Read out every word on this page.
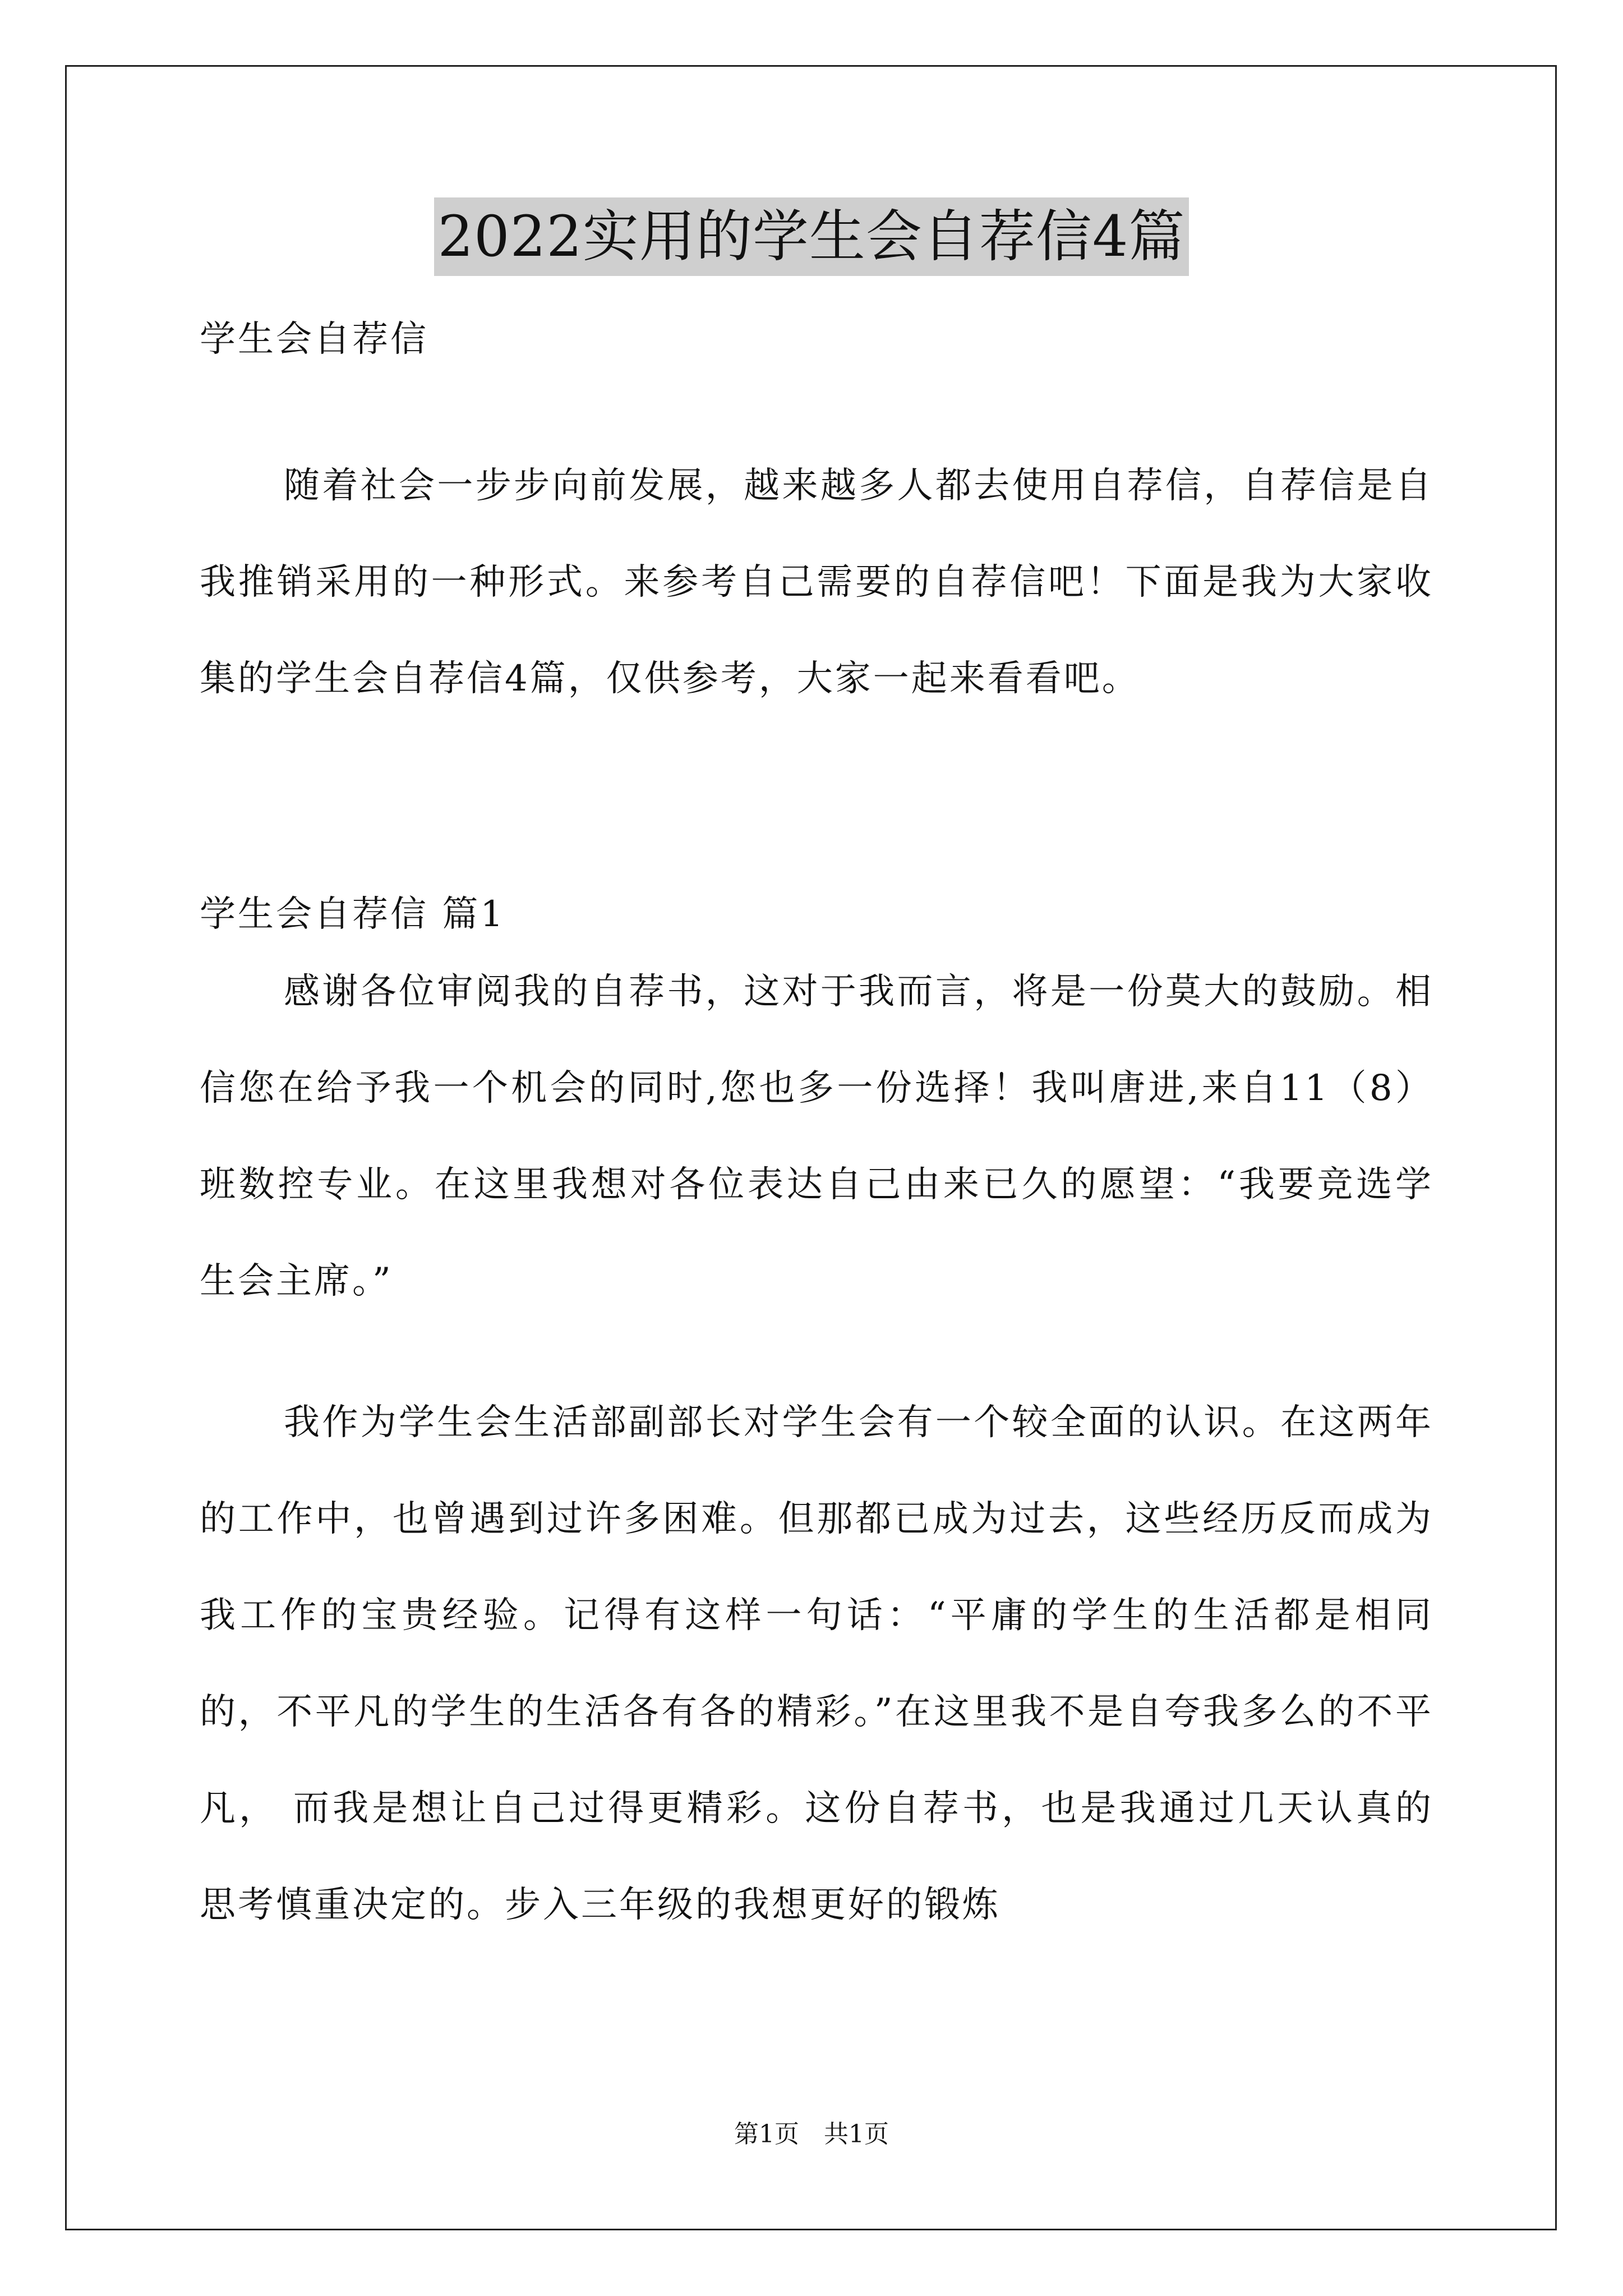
2022实用的学生会自荐信4篇
学生会自荐信
随着社会一步步向前发展，越来越多人都去使用自荐信，自荐信是自我推销采用的一种形式。来参考自己需要的自荐信吧！下面是我为大家收集的学生会自荐信4篇，仅供参考，大家一起来看看吧。
学生会自荐信 篇1
感谢各位审阅我的自荐书，这对于我而言，将是一份莫大的鼓励。相信您在给予我一个机会的同时,您也多一份选择！我叫唐进,来自11（8）班数控专业。在这里我想对各位表达自己由来已久的愿望：“我要竞选学生会主席。”
我作为学生会生活部副部长对学生会有一个较全面的认识。在这两年的工作中，也曾遇到过许多困难。但那都已成为过去，这些经历反而成为我工作的宝贵经验。记得有这样一句话：“平庸的学生的生活都是相同的，不平凡的学生的生活各有各的精彩。”在这里我不是自夸我多么的不平凡， 而我是想让自己过得更精彩。这份自荐书，也是我通过几天认真的思考慎重决定的。步入三年级的我想更好的锻炼
第1页　共1页
